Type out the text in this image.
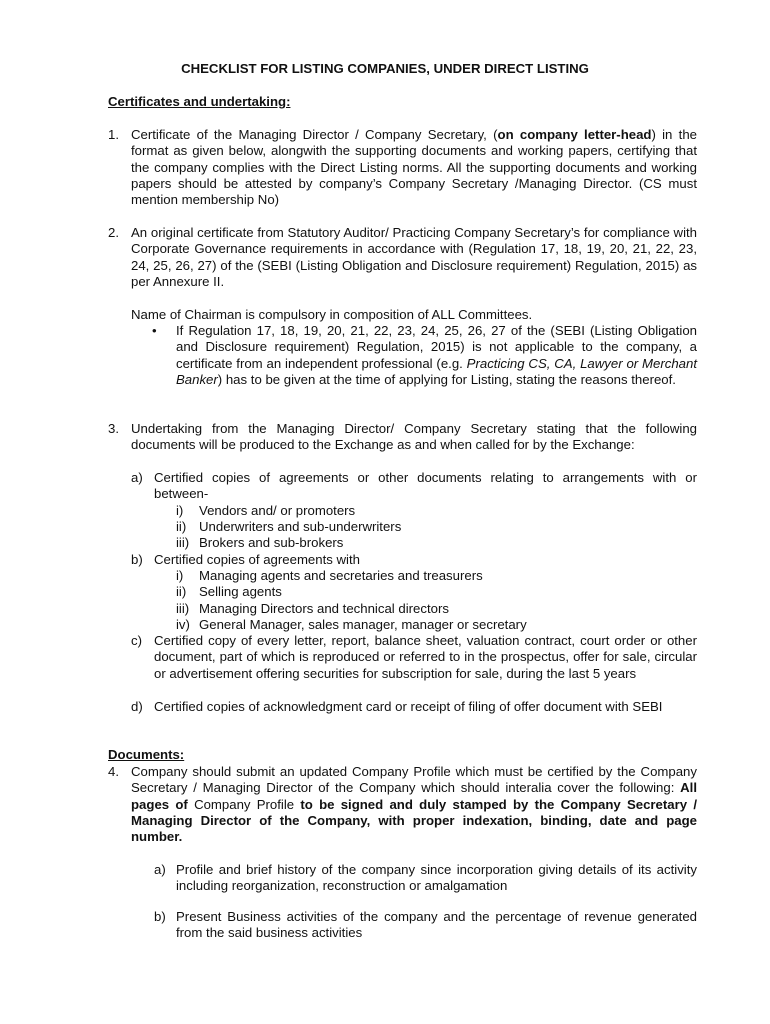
CHECKLIST FOR LISTING COMPANIES, UNDER DIRECT LISTING
Certificates and undertaking:
1. Certificate of the Managing Director / Company Secretary, (on company letter-head) in the format as given below, alongwith the supporting documents and working papers, certifying that the company complies with the Direct Listing norms. All the supporting documents and working papers should be attested by company’s Company Secretary /Managing Director. (CS must mention membership No)
2. An original certificate from Statutory Auditor/ Practicing Company Secretary’s for compliance with Corporate Governance requirements in accordance with (Regulation 17, 18, 19, 20, 21, 22, 23, 24, 25, 26, 27) of the (SEBI (Listing Obligation and Disclosure requirement) Regulation, 2015) as per Annexure II.
Name of Chairman is compulsory in composition of ALL Committees.
• If Regulation 17, 18, 19, 20, 21, 22, 23, 24, 25, 26, 27 of the (SEBI (Listing Obligation and Disclosure requirement) Regulation, 2015) is not applicable to the company, a certificate from an independent professional (e.g. Practicing CS, CA, Lawyer or Merchant Banker) has to be given at the time of applying for Listing, stating the reasons thereof.
3. Undertaking from the Managing Director/ Company Secretary stating that the following documents will be produced to the Exchange as and when called for by the Exchange:
a) Certified copies of agreements or other documents relating to arrangements with or between-
i) Vendors and/ or promoters
ii) Underwriters and sub-underwriters
iii) Brokers and sub-brokers
b) Certified copies of agreements with
i) Managing agents and secretaries and treasurers
ii) Selling agents
iii) Managing Directors and technical directors
iv) General Manager, sales manager, manager or secretary
c) Certified copy of every letter, report, balance sheet, valuation contract, court order or other document, part of which is reproduced or referred to in the prospectus, offer for sale, circular or advertisement offering securities for subscription for sale, during the last 5 years
d) Certified copies of acknowledgment card or receipt of filing of offer document with SEBI
Documents:
4. Company should submit an updated Company Profile which must be certified by the Company Secretary / Managing Director of the Company which should interalia cover the following: All pages of Company Profile to be signed and duly stamped by the Company Secretary / Managing Director of the Company, with proper indexation, binding, date and page number.
a) Profile and brief history of the company since incorporation giving details of its activity including reorganization, reconstruction or amalgamation
b) Present Business activities of the company and the percentage of revenue generated from the said business activities
